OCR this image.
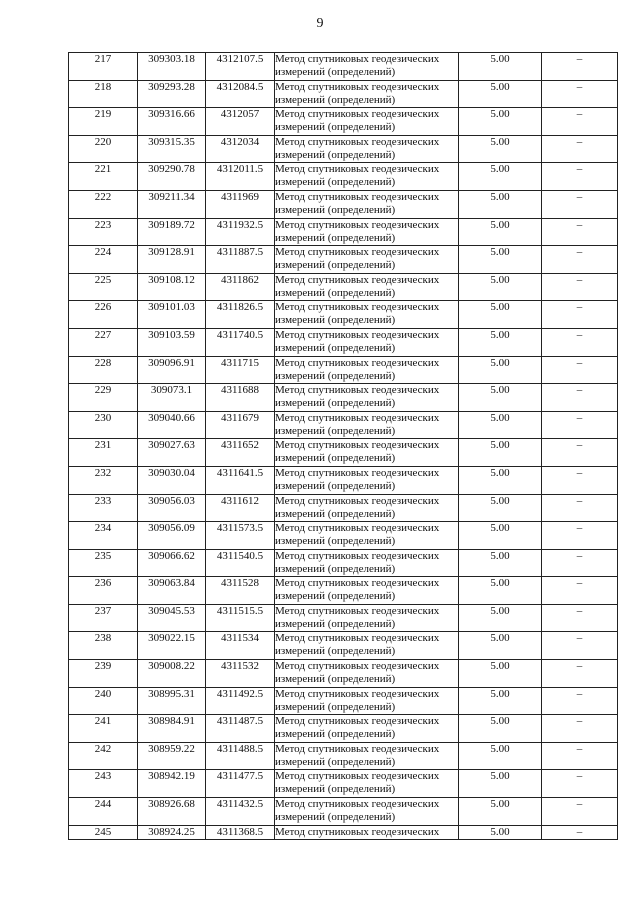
9
217	309303.18	4312107.5	Метод спутниковых геодезических измерений (определений)	5.00	–
218	309293.28	4312084.5	Метод спутниковых геодезических измерений (определений)	5.00	–
219	309316.66	4312057	Метод спутниковых геодезических измерений (определений)	5.00	–
220	309315.35	4312034	Метод спутниковых геодезических измерений (определений)	5.00	–
221	309290.78	4312011.5	Метод спутниковых геодезических измерений (определений)	5.00	–
222	309211.34	4311969	Метод спутниковых геодезических измерений (определений)	5.00	–
223	309189.72	4311932.5	Метод спутниковых геодезических измерений (определений)	5.00	–
224	309128.91	4311887.5	Метод спутниковых геодезических измерений (определений)	5.00	–
225	309108.12	4311862	Метод спутниковых геодезических измерений (определений)	5.00	–
226	309101.03	4311826.5	Метод спутниковых геодезических измерений (определений)	5.00	–
227	309103.59	4311740.5	Метод спутниковых геодезических измерений (определений)	5.00	–
228	309096.91	4311715	Метод спутниковых геодезических измерений (определений)	5.00	–
229	309073.1	4311688	Метод спутниковых геодезических измерений (определений)	5.00	–
230	309040.66	4311679	Метод спутниковых геодезических измерений (определений)	5.00	–
231	309027.63	4311652	Метод спутниковых геодезических измерений (определений)	5.00	–
232	309030.04	4311641.5	Метод спутниковых геодезических измерений (определений)	5.00	–
233	309056.03	4311612	Метод спутниковых геодезических измерений (определений)	5.00	–
234	309056.09	4311573.5	Метод спутниковых геодезических измерений (определений)	5.00	–
235	309066.62	4311540.5	Метод спутниковых геодезических измерений (определений)	5.00	–
236	309063.84	4311528	Метод спутниковых геодезических измерений (определений)	5.00	–
237	309045.53	4311515.5	Метод спутниковых геодезических измерений (определений)	5.00	–
238	309022.15	4311534	Метод спутниковых геодезических измерений (определений)	5.00	–
239	309008.22	4311532	Метод спутниковых геодезических измерений (определений)	5.00	–
240	308995.31	4311492.5	Метод спутниковых геодезических измерений (определений)	5.00	–
241	308984.91	4311487.5	Метод спутниковых геодезических измерений (определений)	5.00	–
242	308959.22	4311488.5	Метод спутниковых геодезических измерений (определений)	5.00	–
243	308942.19	4311477.5	Метод спутниковых геодезических измерений (определений)	5.00	–
244	308926.68	4311432.5	Метод спутниковых геодезических измерений (определений)	5.00	–
245	308924.25	4311368.5	Метод спутниковых геодезических	5.00	–
